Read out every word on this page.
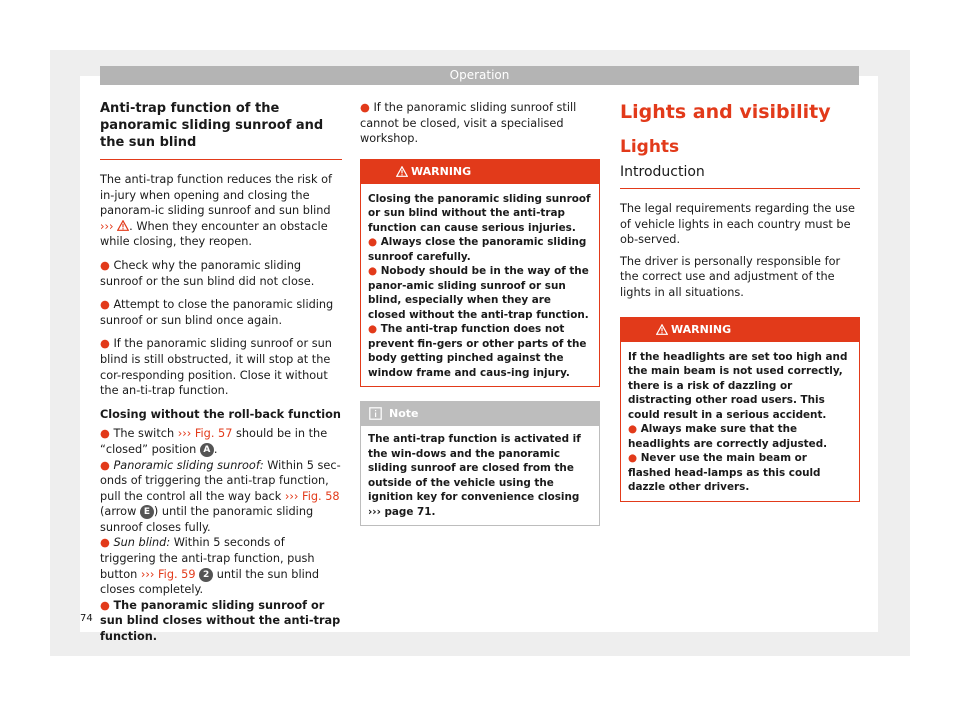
Operation
Anti-trap function of the panoramic sliding sunroof and the sun blind

The anti-trap function reduces the risk of in-jury when opening and closing the panoram-ic sliding sunroof and sun blind ››› . When they encounter an obstacle while closing, they reopen.

● Check why the panoramic sliding sunroof or the sun blind did not close.

● Attempt to close the panoramic sliding sunroof or sun blind once again.

● If the panoramic sliding sunroof or sun blind is still obstructed, it will stop at the cor-responding position. Close it without the an-ti-trap function.

Closing without the roll-back function

● The switch ››› Fig. 57 should be in the “closed” position A .

● Panoramic sliding sunroof: Within 5 sec-onds of triggering the anti-trap function, pull the control all the way back ››› Fig. 58 (arrow E ) until the panoramic sliding sunroof closes fully.

● Sun blind: Within 5 seconds of triggering the anti-trap function, push button ››› Fig. 59 2 until the sun blind closes completely.

● The panoramic sliding sunroof or sun blind closes without the anti-trap function.

● If the panoramic sliding sunroof still cannot be closed, visit a specialised workshop.

WARNING

Closing the panoramic sliding sunroof or sun blind without the anti-trap function can cause serious injuries.

● Always close the panoramic sliding sunroof carefully.

● Nobody should be in the way of the panor-amic sliding sunroof or sun blind, especially when they are closed without the anti-trap function.

● The anti-trap function does not prevent fin-gers or other parts of the body getting pinched against the window frame and caus-ing injury.

Note

The anti-trap function is activated if the win-dows and the panoramic sliding sunroof are closed from the outside of the vehicle using the ignition key for convenience closing ››› page 71.

Lights and visibility
Lights
Introduction

The legal requirements regarding the use of vehicle lights in each country must be ob-served.

The driver is personally responsible for the correct use and adjustment of the lights in all situations.

WARNING

If the headlights are set too high and the main beam is not used correctly, there is a risk of dazzling or distracting other road users. This could result in a serious accident.

● Always make sure that the headlights are correctly adjusted.

● Never use the main beam or flashed head-lamps as this could dazzle other drivers.

74
